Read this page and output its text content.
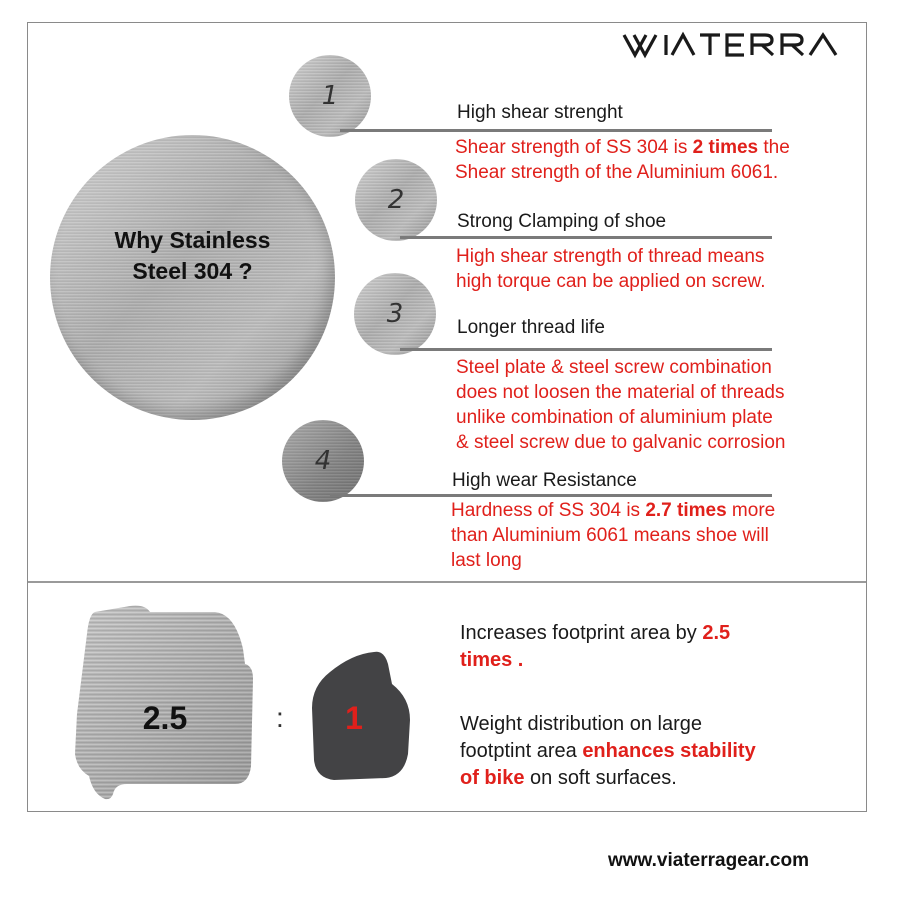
Why Stainless
Steel 304 ?
1
High shear strenght
Shear strength of SS 304 is 2 times the
Shear strength of the Aluminium 6061.
2
Strong Clamping of shoe
High shear strength of thread means
high torque can be applied on screw.
3	Longer thread life
Steel plate & steel screw combination
does not loosen the material of threads
unlike combination of aluminium plate
& steel screw due to galvanic corrosion
4
High wear Resistance
Hardness of SS 304 is 2.7 times more
than Aluminium 6061 means shoe will
last long
2.5	:	1
Increases footprint area by 2.5
times .
Weight distribution on large
footptint area enhances stability
of bike on soft surfaces.
www.viaterragear.com
